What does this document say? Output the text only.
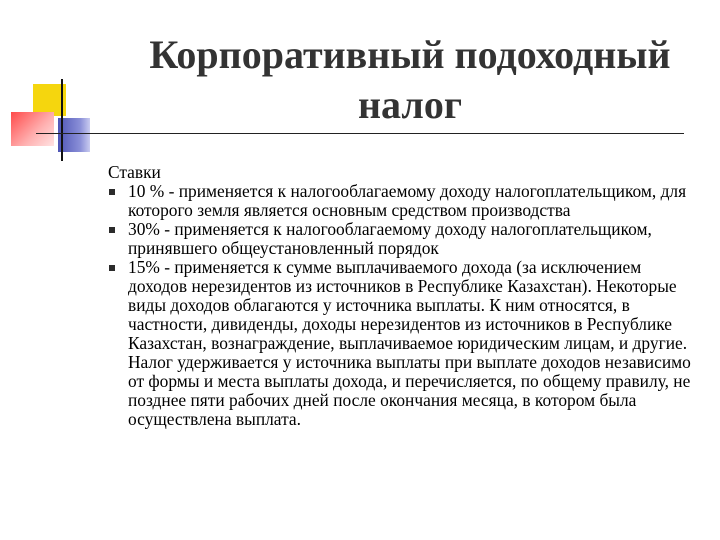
Корпоративный подоходный
налог

Ставки

10 % - применяется к налогооблагаемому доходу налогоплательщиком, для которого земля является основным средством производства
30% - применяется к налогооблагаемому доходу налогоплательщиком, принявшего общеустановленный порядок
15% - применяется к сумме выплачиваемого дохода (за исключением доходов нерезидентов из источников в Республике Казахстан). Некоторые виды доходов облагаются у источника выплаты. К ним относятся, в частности, дивиденды, доходы нерезидентов из источников в Республике Казахстан, вознаграждение, выплачиваемое юридическим лицам, и другие. Налог удерживается у источника выплаты при выплате доходов независимо от формы и места выплаты дохода, и перечисляется, по общему правилу, не позднее пяти рабочих дней после окончания месяца, в котором была осуществлена выплата.
